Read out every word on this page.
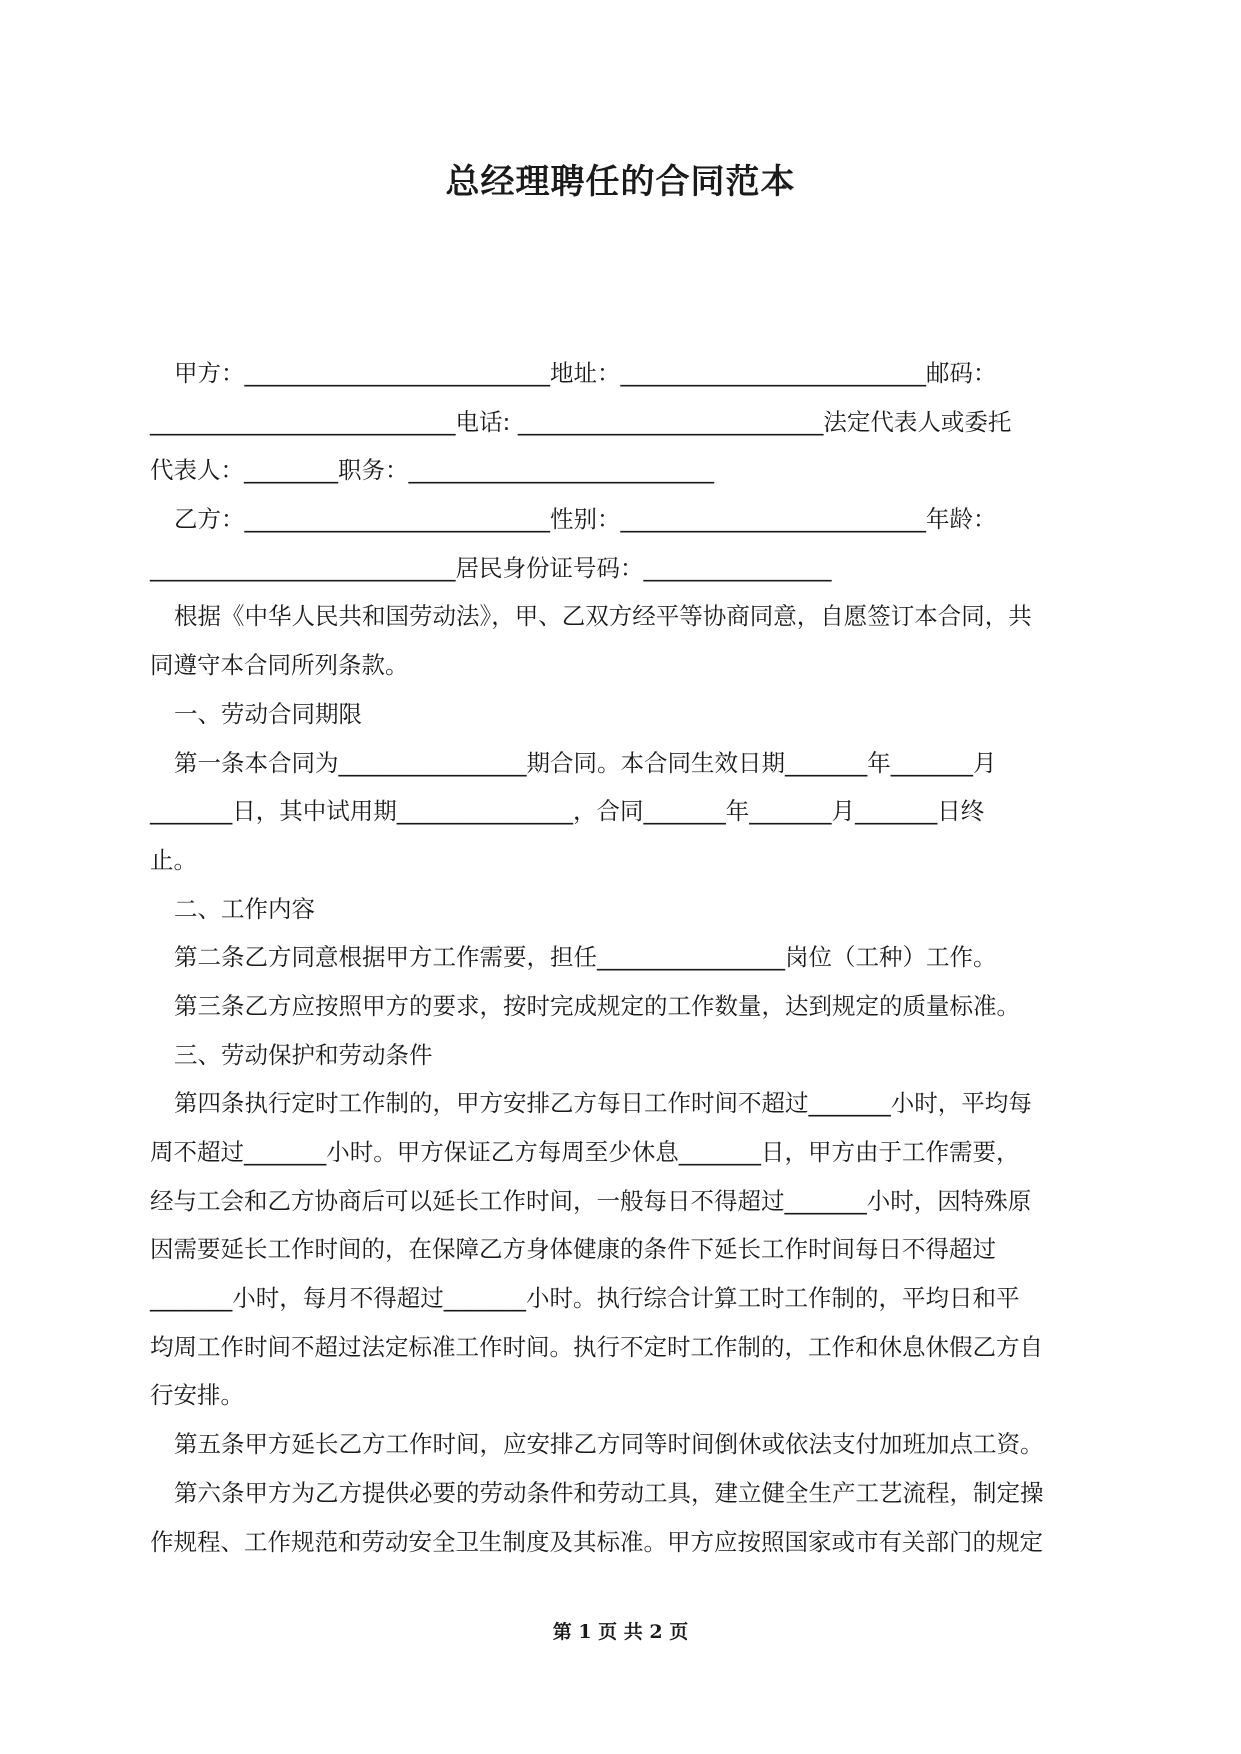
总经理聘任的合同范本
甲方：__________________________地址：__________________________邮码：
__________________________电话: __________________________法定代表人或委托
代表人：________职务：__________________________
乙方：__________________________性别：__________________________年龄：
__________________________居民身份证号码：________________
根据《中华人民共和国劳动法》，甲、乙双方经平等协商同意，自愿签订本合同，共
同遵守本合同所列条款。
一、劳动合同期限
第一条本合同为________________期合同。本合同生效日期_______年_______月
_______日，其中试用期_______________，合同_______年_______月_______日终
止。
二、工作内容
第二条乙方同意根据甲方工作需要，担任________________岗位（工种）工作。
第三条乙方应按照甲方的要求，按时完成规定的工作数量，达到规定的质量标准。
三、劳动保护和劳动条件
第四条执行定时工作制的，甲方安排乙方每日工作时间不超过_______小时，平均每
周不超过_______小时。甲方保证乙方每周至少休息_______日，甲方由于工作需要，
经与工会和乙方协商后可以延长工作时间，一般每日不得超过_______小时，因特殊原
因需要延长工作时间的，在保障乙方身体健康的条件下延长工作时间每日不得超过
_______小时，每月不得超过_______小时。执行综合计算工时工作制的，平均日和平
均周工作时间不超过法定标准工作时间。执行不定时工作制的，工作和休息休假乙方自
行安排。
第五条甲方延长乙方工作时间，应安排乙方同等时间倒休或依法支付加班加点工资。
第六条甲方为乙方提供必要的劳动条件和劳动工具，建立健全生产工艺流程，制定操
作规程、工作规范和劳动安全卫生制度及其标准。甲方应按照国家或市有关部门的规定
第 1 页 共 2 页
